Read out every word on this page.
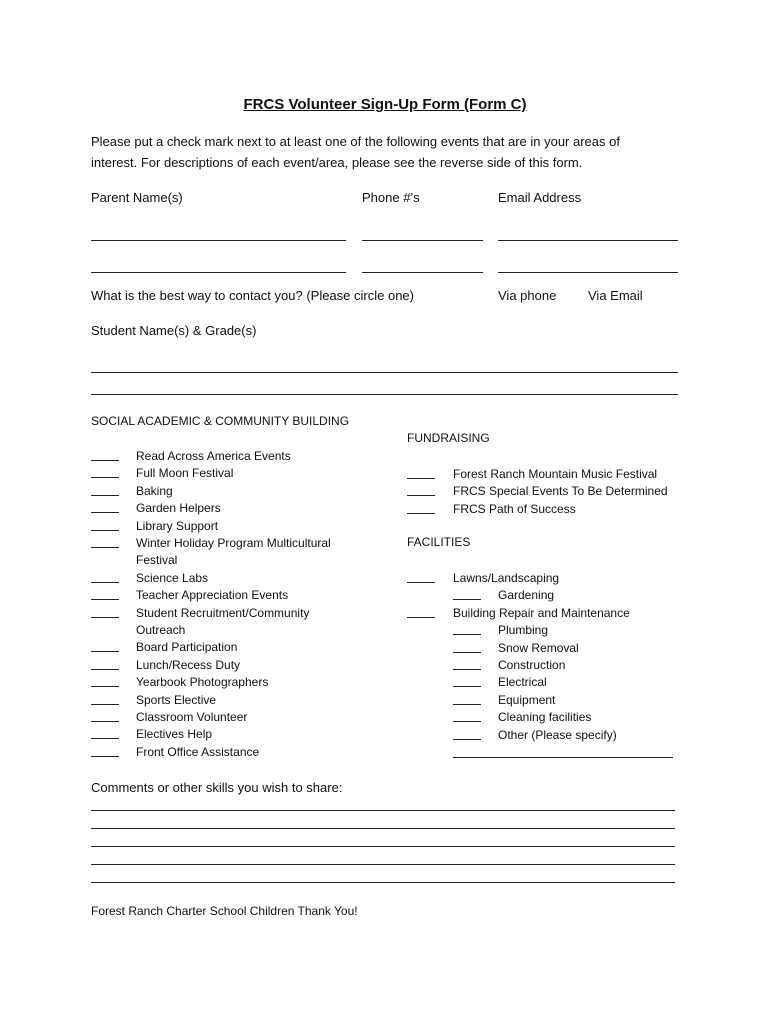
FRCS Volunteer Sign-Up Form (Form C)
Please put a check mark next to at least one of the following events that are in your areas of
interest. For descriptions of each event/area, please see the reverse side of this form.
Parent Name(s)	Phone #’s	Email Address
What is the best way to contact you? (Please circle one)	Via phone Via Email
Student Name(s) & Grade(s)
SOCIAL ACADEMIC & COMMUNITY BUILDING
Read Across America Events
Full Moon Festival
Baking
Garden Helpers
Library Support
Winter Holiday Program Multicultural
Festival
Science Labs
Teacher Appreciation Events
Student Recruitment/Community
Outreach
Board Participation
Lunch/Recess Duty
Yearbook Photographers
Sports Elective
Classroom Volunteer
Electives Help
Front Office Assistance
FUNDRAISING
Forest Ranch Mountain Music Festival
FRCS Special Events To Be Determined
FRCS Path of Success
FACILITIES
Lawns/Landscaping
Gardening
Building Repair and Maintenance
Plumbing
Snow Removal
Construction
Electrical
Equipment
Cleaning facilities
Other (Please specify)
Comments or other skills you wish to share:
Forest Ranch Charter School Children Thank You!
